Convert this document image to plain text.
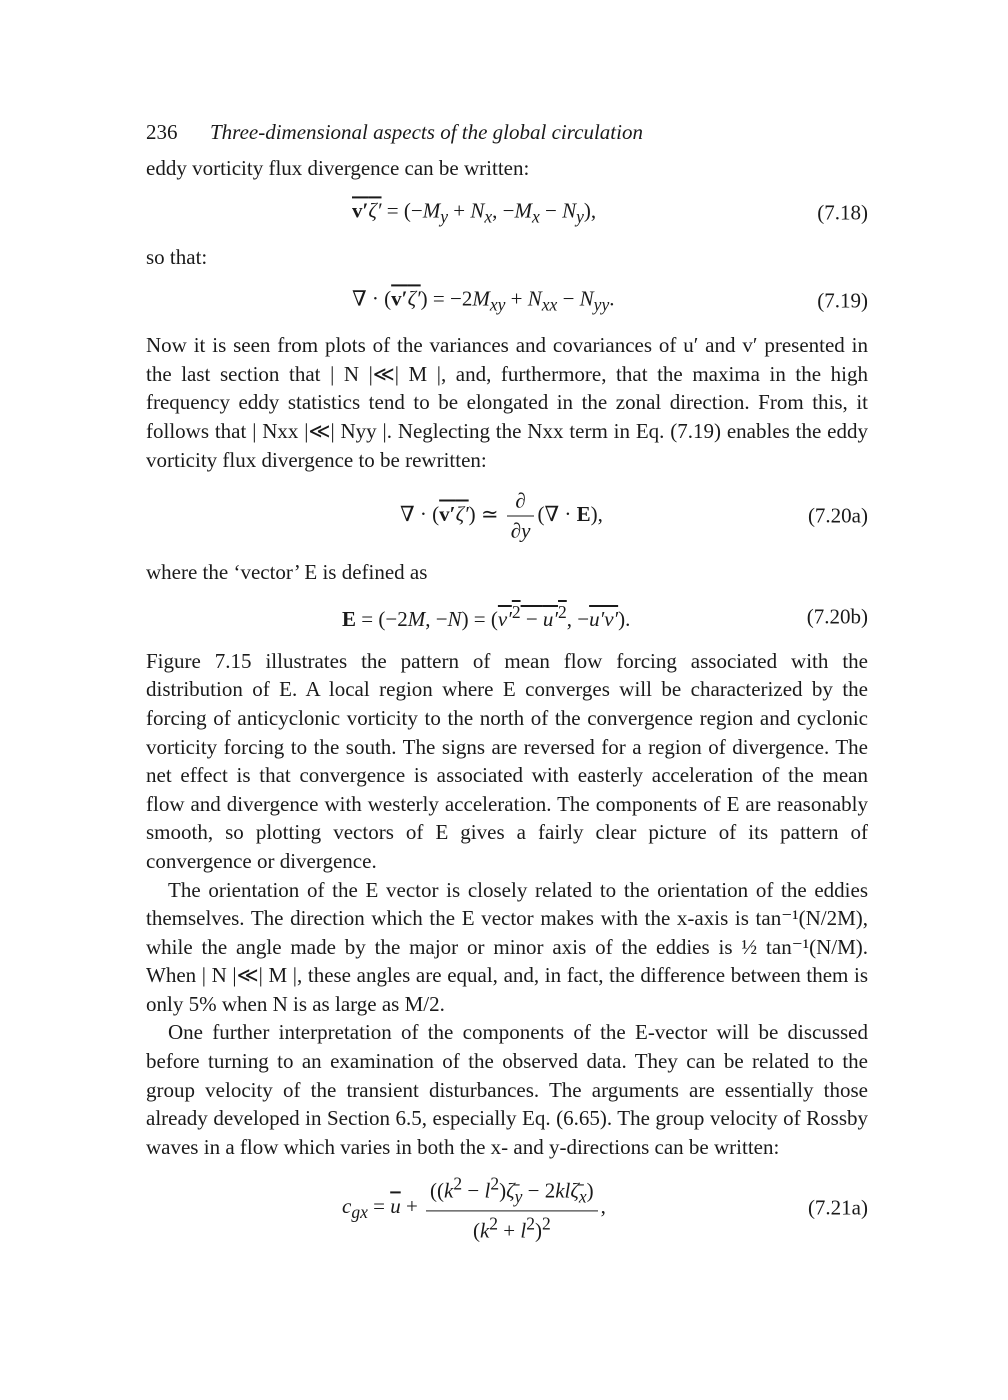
236	Three-dimensional aspects of the global circulation

eddy vorticity flux divergence can be written:

$v'\zeta' = (-M_y + N_x$, $-M_x - N_y$),	(7.18)

so that:

∇ · $(v'\zeta') = -2M_{xy} + N_{xx} - N_{yy}$.	(7.19)

Now it is seen from plots of the variances and covariances of u′ and v′ presented in the last section that | N |≪| M |, and, furthermore, that the maxima in the high frequency eddy statistics tend to be elongated in the zonal direction. From this, it follows that | Nxx |≪| Nyy |. Neglecting the Nxx term in Eq. (7.19) enables the eddy vorticity flux divergence to be rewritten:

∇ · (v′ζ′) ≃ $\frac{\partial}{\partial y}$ (∇ · E),	(7.20a)

where the ‘vector’ E is defined as

E = (−2M, $-N) = (v'^2 - u'^2$, −u′v′).	(7.20b)

Figure 7.15 illustrates the pattern of mean flow forcing associated with the distribution of E. A local region where E converges will be characterized by the forcing of anticyclonic vorticity to the north of the convergence region and cyclonic vorticity forcing to the south. The signs are reversed for a region of divergence. The net effect is that convergence is associated with easterly acceleration of the mean flow and divergence with westerly acceleration. The components of E are reasonably smooth, so plotting vectors of E gives a fairly clear picture of its pattern of convergence or divergence.

The orientation of the E vector is closely related to the orientation of the eddies themselves. The direction which the E vector makes with the x-axis is tan⁻¹(N/2M), while the angle made by the major or minor axis of the eddies is ½ tan⁻¹(N/M). When | N |≪| M |, these angles are equal, and, in fact, the difference between them is only 5% when N is as large as M/2.

One further interpretation of the components of the E-vector will be discussed before turning to an examination of the observed data. They can be related to the group velocity of the transient disturbances. The arguments are essentially those already developed in Section 6.5, especially Eq. (6.65). The group velocity of Rossby waves in a flow which varies in both the x- and y-directions can be written:

$c_{gx} = \overline{u} + \frac{((k^2 - l^2)\zetā_y - 2kl\zetā_x)}{(k^2 + l^2)^2}$ ,	(7.21a)
